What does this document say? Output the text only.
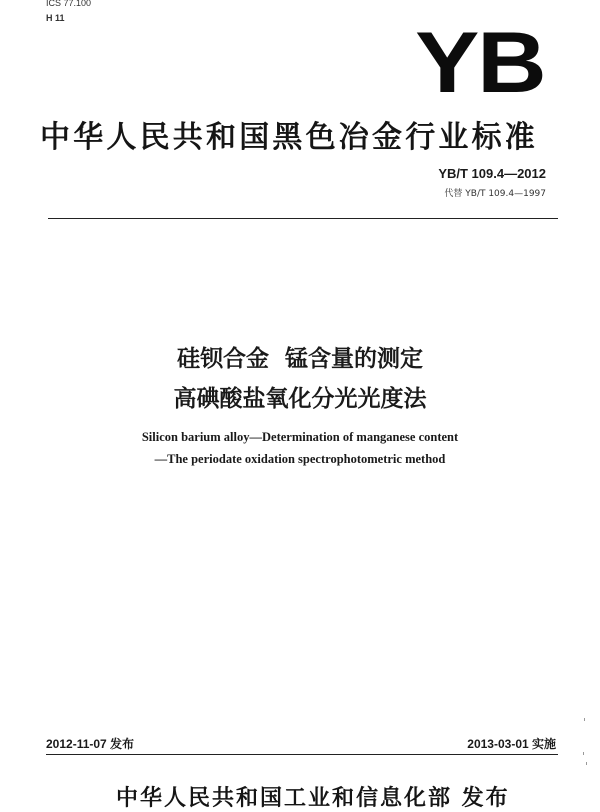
ICS 77.100
H 11	YB
中华人民共和国黑色冶金行业标准
YB/T 109.4—2012
代替 YB/T 109.4—1997
硅钡合金  锰含量的测定
高碘酸盐氧化分光光度法
Silicon barium alloy—Determination of manganese content
—The periodate oxidation spectrophotometric method
2012-11-07 发布	2013-03-01 实施
中华人民共和国工业和信息化部 发布
